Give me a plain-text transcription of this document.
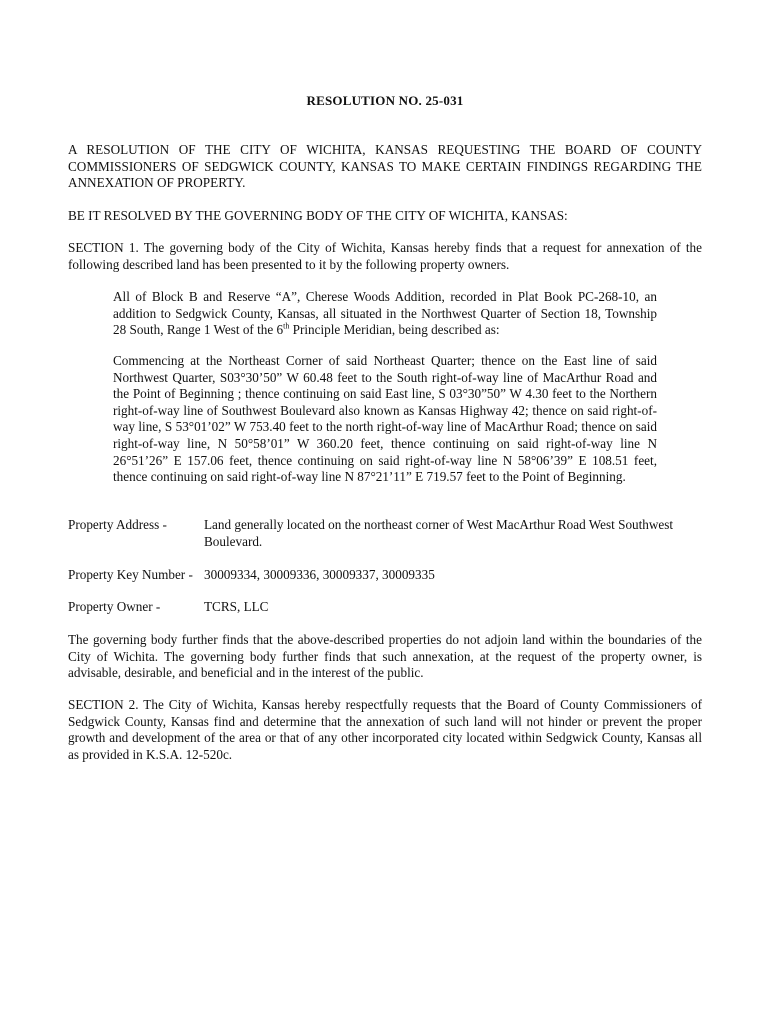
RESOLUTION NO. 25-031

A RESOLUTION OF THE CITY OF WICHITA, KANSAS REQUESTING THE BOARD OF COUNTY COMMISSIONERS OF SEDGWICK COUNTY, KANSAS TO MAKE CERTAIN FINDINGS REGARDING THE ANNEXATION OF PROPERTY.

BE IT RESOLVED BY THE GOVERNING BODY OF THE CITY OF WICHITA, KANSAS:

SECTION 1. The governing body of the City of Wichita, Kansas hereby finds that a request for annexation of the following described land has been presented to it by the following property owners.

All of Block B and Reserve “A”, Cherese Woods Addition, recorded in Plat Book PC-268-10, an addition to Sedgwick County, Kansas, all situated in the Northwest Quarter of Section 18, Township 28 South, Range 1 West of the 6th Principle Meridian, being described as:

Commencing at the Northeast Corner of said Northeast Quarter; thence on the East line of said Northwest Quarter, S03°30’50” W 60.48 feet to the South right-of-way line of MacArthur Road and the Point of Beginning ; thence continuing on said East line, S 03°30”50” W 4.30 feet to the Northern right-of-way line of Southwest Boulevard also known as Kansas Highway 42; thence on said right-of-way line, S 53°01’02” W 753.40 feet to the north right-of-way line of MacArthur Road; thence on said right-of-way line, N 50°58’01” W 360.20 feet, thence continuing on said right-of-way line N 26°51’26” E 157.06 feet, thence continuing on said right-of-way line N 58°06’39” E 108.51 feet, thence continuing on said right-of-way line N 87°21’11” E 719.57 feet to the Point of Beginning.

Property Address -	Land generally located on the northeast corner of West MacArthur Road West Southwest Boulevard.

Property Key Number - 30009334, 30009336, 30009337, 30009335

Property Owner -	TCRS, LLC

The governing body further finds that the above-described properties do not adjoin land within the boundaries of the City of Wichita. The governing body further finds that such annexation, at the request of the property owner, is advisable, desirable, and beneficial and in the interest of the public.

SECTION 2. The City of Wichita, Kansas hereby respectfully requests that the Board of County Commissioners of Sedgwick County, Kansas find and determine that the annexation of such land will not hinder or prevent the proper growth and development of the area or that of any other incorporated city located within Sedgwick County, Kansas all as provided in K.S.A. 12-520c.
